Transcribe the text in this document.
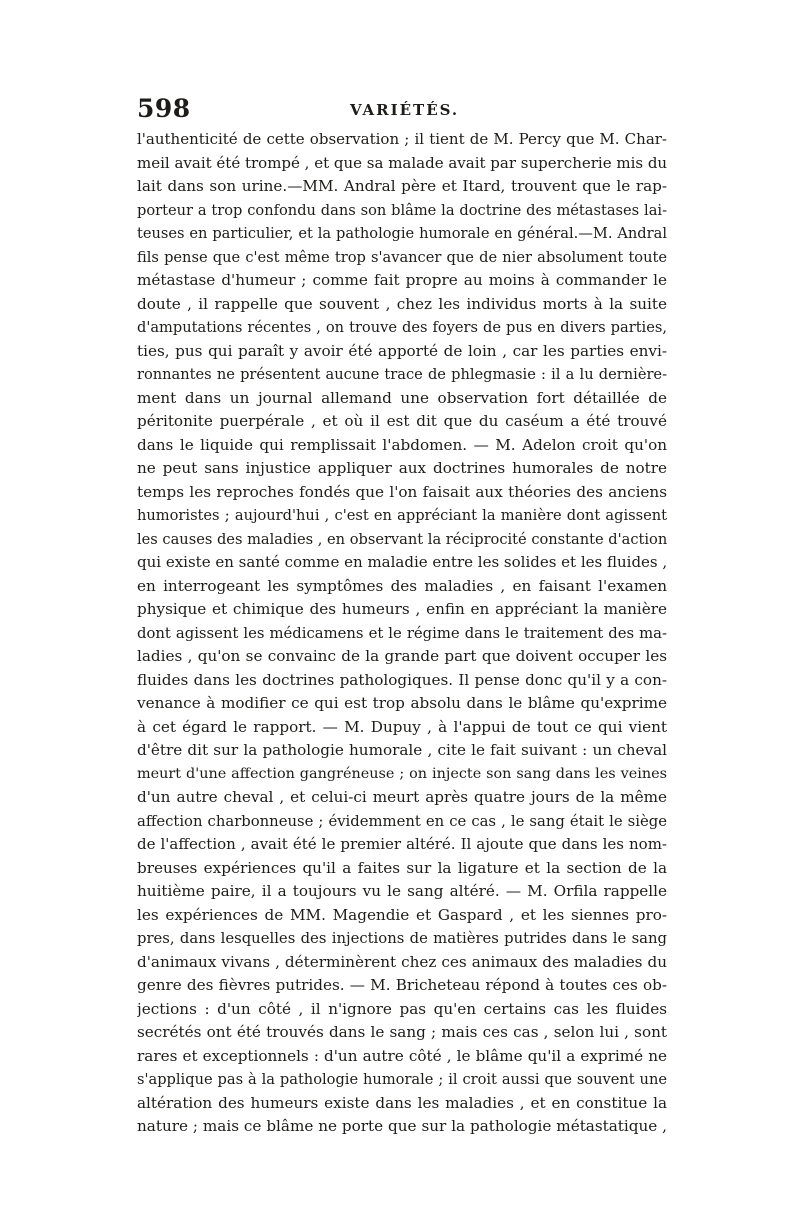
598	VARIÉTÉS.
l'authenticité de cette observation ; il tient de M. Percy que M. Char-
meil avait été trompé , et que sa malade avait par supercherie mis du
lait dans son urine.—MM. Andral père et Itard, trouvent que le rap-
porteur a trop confondu dans son blâme la doctrine des métastases lai-
teuses en particulier, et la pathologie humorale en général.—M. Andral
fils pense que c'est même trop s'avancer que de nier absolument toute
métastase d'humeur ; comme fait propre au moins à commander le
doute , il rappelle que souvent , chez les individus morts à la suite
d'amputations récentes , on trouve des foyers de pus en divers parties,
ties, pus qui paraît y avoir été apporté de loin , car les parties envi-
ronnantes ne présentent aucune trace de phlegmasie : il a lu dernière-
ment dans un journal allemand une observation fort détaillée de
péritonite puerpérale , et où il est dit que du caséum a été trouvé
dans le liquide qui remplissait l'abdomen. — M. Adelon croit qu'on
ne peut sans injustice appliquer aux doctrines humorales de notre
temps les reproches fondés que l'on faisait aux théories des anciens
humoristes ; aujourd'hui , c'est en appréciant la manière dont agissent
les causes des maladies , en observant la réciprocité constante d'action
qui existe en santé comme en maladie entre les solides et les fluides ,
en interrogeant les symptômes des maladies , en faisant l'examen
physique et chimique des humeurs , enfin en appréciant la manière
dont agissent les médicamens et le régime dans le traitement des ma-
ladies , qu'on se convainc de la grande part que doivent occuper les
fluides dans les doctrines pathologiques. Il pense donc qu'il y a con-
venance à modifier ce qui est trop absolu dans le blâme qu'exprime
à cet égard le rapport. — M. Dupuy , à l'appui de tout ce qui vient
d'être dit sur la pathologie humorale , cite le fait suivant : un cheval
meurt d'une affection gangréneuse ; on injecte son sang dans les veines
d'un autre cheval , et celui-ci meurt après quatre jours de la même
affection charbonneuse ; évidemment en ce cas , le sang était le siège
de l'affection , avait été le premier altéré. Il ajoute que dans les nom-
breuses expériences qu'il a faites sur la ligature et la section de la
huitième paire, il a toujours vu le sang altéré. — M. Orfila rappelle
les expériences de MM. Magendie et Gaspard , et les siennes pro-
pres, dans lesquelles des injections de matières putrides dans le sang
d'animaux vivans , déterminèrent chez ces animaux des maladies du
genre des fièvres putrides. — M. Bricheteau répond à toutes ces ob-
jections : d'un côté , il n'ignore pas qu'en certains cas les fluides
secrétés ont été trouvés dans le sang ; mais ces cas , selon lui , sont
rares et exceptionnels : d'un autre côté , le blâme qu'il a exprimé ne
s'applique pas à la pathologie humorale ; il croit aussi que souvent une
altération des humeurs existe dans les maladies , et en constitue la
nature ; mais ce blâme ne porte que sur la pathologie métastatique ,
